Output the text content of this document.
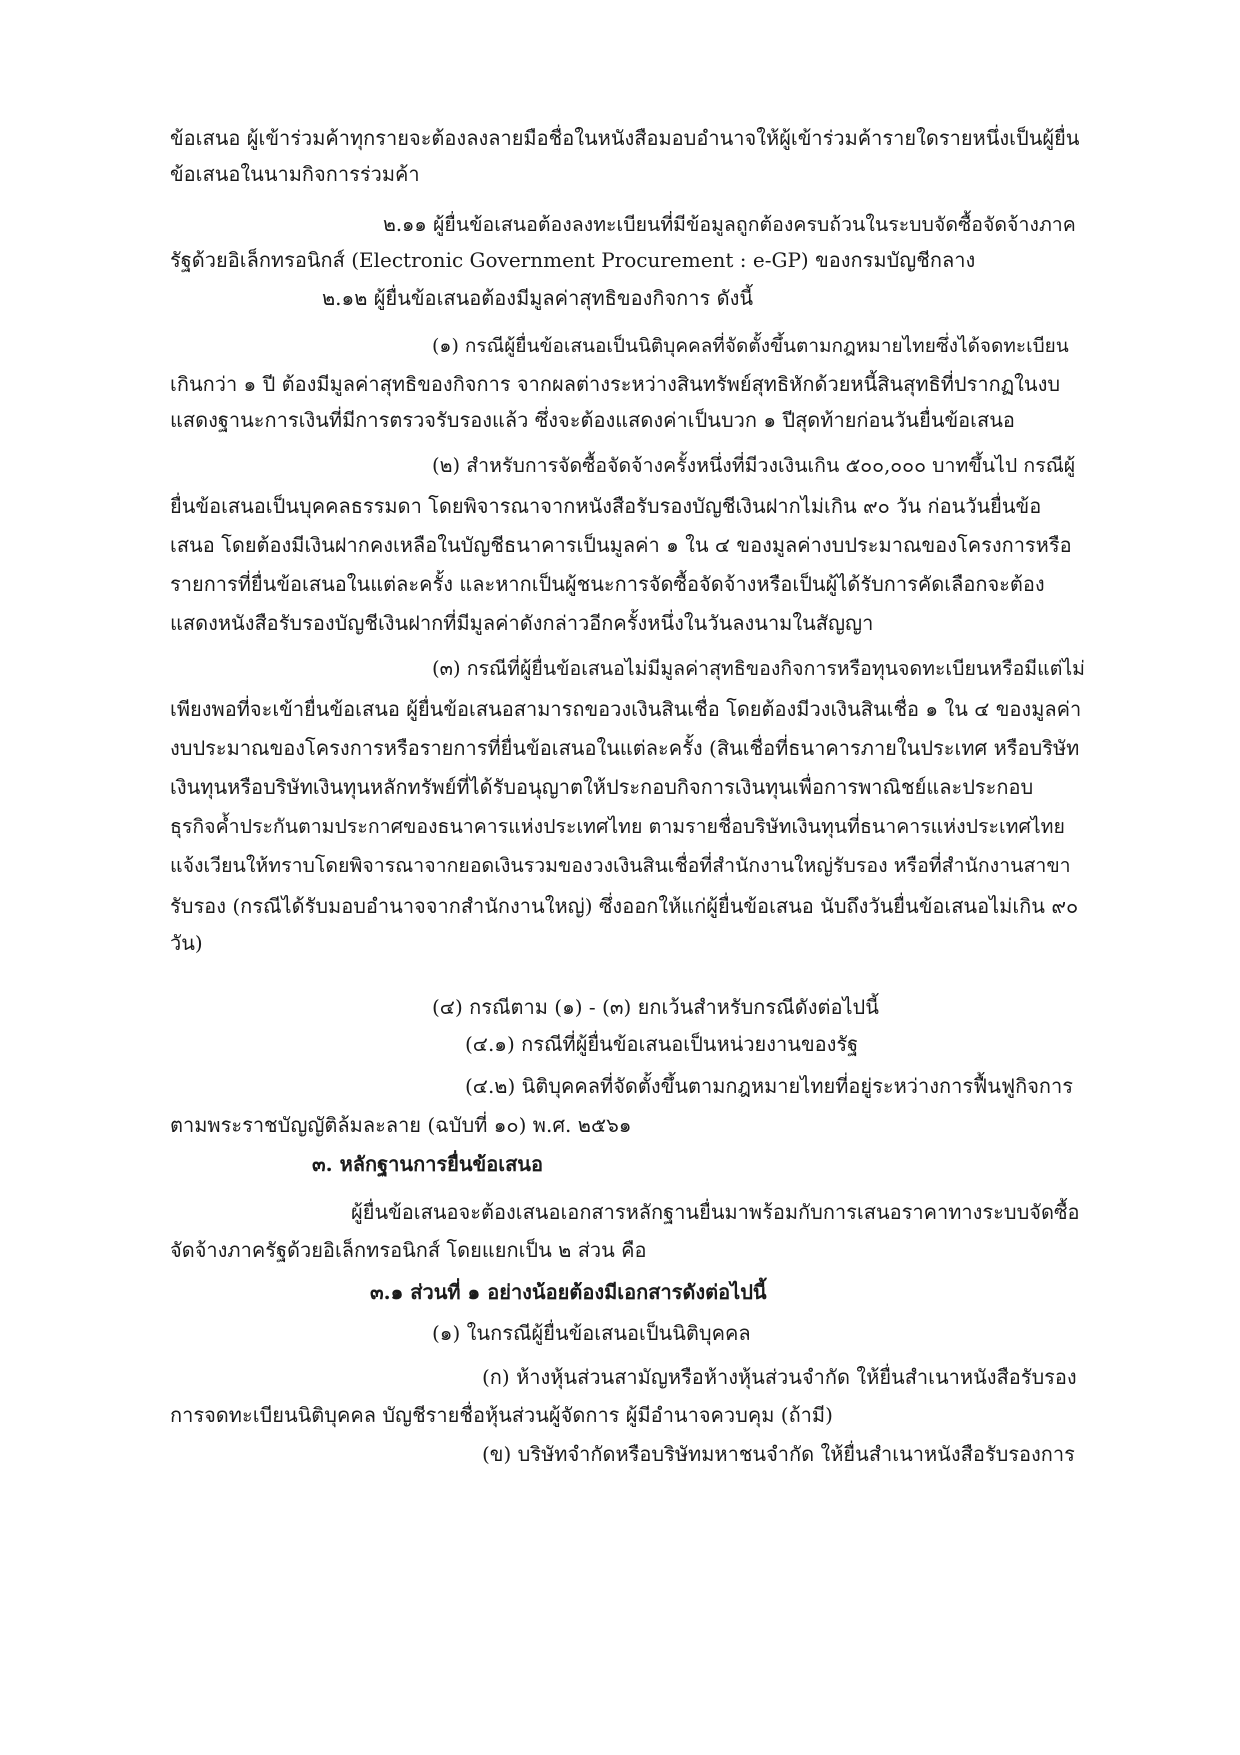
ข้อเสนอ ผู้เข้าร่วมค้าทุกรายจะต้องลงลายมือชื่อในหนังสือมอบอำนาจให้ผู้เข้าร่วมค้ารายใดรายหนึ่งเป็นผู้ยื่น
ข้อเสนอในนามกิจการร่วมค้า
๒.๑๑ ผู้ยื่นข้อเสนอต้องลงทะเบียนที่มีข้อมูลถูกต้องครบถ้วนในระบบจัดซื้อจัดจ้างภาค
รัฐด้วยอิเล็กทรอนิกส์ (Electronic Government Procurement : e-GP) ของกรมบัญชีกลาง
๒.๑๒ ผู้ยื่นข้อเสนอต้องมีมูลค่าสุทธิของกิจการ ดังนี้
(๑) กรณีผู้ยื่นข้อเสนอเป็นนิติบุคคลที่จัดตั้งขึ้นตามกฎหมายไทยซึ่งได้จดทะเบียน
เกินกว่า ๑ ปี ต้องมีมูลค่าสุทธิของกิจการ จากผลต่างระหว่างสินทรัพย์สุทธิหักด้วยหนี้สินสุทธิที่ปรากฏในงบ
แสดงฐานะการเงินที่มีการตรวจรับรองแล้ว ซึ่งจะต้องแสดงค่าเป็นบวก ๑ ปีสุดท้ายก่อนวันยื่นข้อเสนอ
(๒) สำหรับการจัดซื้อจัดจ้างครั้งหนึ่งที่มีวงเงินเกิน ๕๐๐,๐๐๐ บาทขึ้นไป กรณีผู้
ยื่นข้อเสนอเป็นบุคคลธรรมดา โดยพิจารณาจากหนังสือรับรองบัญชีเงินฝากไม่เกิน ๙๐ วัน ก่อนวันยื่นข้อ
เสนอ โดยต้องมีเงินฝากคงเหลือในบัญชีธนาคารเป็นมูลค่า ๑ ใน ๔ ของมูลค่างบประมาณของโครงการหรือ
รายการที่ยื่นข้อเสนอในแต่ละครั้ง และหากเป็นผู้ชนะการจัดซื้อจัดจ้างหรือเป็นผู้ได้รับการคัดเลือกจะต้อง
แสดงหนังสือรับรองบัญชีเงินฝากที่มีมูลค่าดังกล่าวอีกครั้งหนึ่งในวันลงนามในสัญญา
(๓) กรณีที่ผู้ยื่นข้อเสนอไม่มีมูลค่าสุทธิของกิจการหรือทุนจดทะเบียนหรือมีแต่ไม่
เพียงพอที่จะเข้ายื่นข้อเสนอ ผู้ยื่นข้อเสนอสามารถขอวงเงินสินเชื่อ โดยต้องมีวงเงินสินเชื่อ ๑ ใน ๔ ของมูลค่า
งบประมาณของโครงการหรือรายการที่ยื่นข้อเสนอในแต่ละครั้ง (สินเชื่อที่ธนาคารภายในประเทศ หรือบริษัท
เงินทุนหรือบริษัทเงินทุนหลักทรัพย์ที่ได้รับอนุญาตให้ประกอบกิจการเงินทุนเพื่อการพาณิชย์และประกอบ
ธุรกิจค้ำประกันตามประกาศของธนาคารแห่งประเทศไทย ตามรายชื่อบริษัทเงินทุนที่ธนาคารแห่งประเทศไทย
แจ้งเวียนให้ทราบโดยพิจารณาจากยอดเงินรวมของวงเงินสินเชื่อที่สำนักงานใหญ่รับรอง หรือที่สำนักงานสาขา
รับรอง (กรณีได้รับมอบอำนาจจากสำนักงานใหญ่) ซึ่งออกให้แก่ผู้ยื่นข้อเสนอ นับถึงวันยื่นข้อเสนอไม่เกิน ๙๐
วัน)
(๔) กรณีตาม (๑) - (๓) ยกเว้นสำหรับกรณีดังต่อไปนี้
(๔.๑) กรณีที่ผู้ยื่นข้อเสนอเป็นหน่วยงานของรัฐ
(๔.๒) นิติบุคคลที่จัดตั้งขึ้นตามกฎหมายไทยที่อยู่ระหว่างการฟื้นฟูกิจการ
ตามพระราชบัญญัติล้มละลาย (ฉบับที่ ๑๐) พ.ศ. ๒๕๖๑
๓. หลักฐานการยื่นข้อเสนอ
ผู้ยื่นข้อเสนอจะต้องเสนอเอกสารหลักฐานยื่นมาพร้อมกับการเสนอราคาทางระบบจัดซื้อ
จัดจ้างภาครัฐด้วยอิเล็กทรอนิกส์ โดยแยกเป็น ๒ ส่วน คือ
๓.๑ ส่วนที่ ๑ อย่างน้อยต้องมีเอกสารดังต่อไปนี้
(๑) ในกรณีผู้ยื่นข้อเสนอเป็นนิติบุคคล
(ก) ห้างหุ้นส่วนสามัญหรือห้างหุ้นส่วนจำกัด ให้ยื่นสำเนาหนังสือรับรอง
การจดทะเบียนนิติบุคคล บัญชีรายชื่อหุ้นส่วนผู้จัดการ ผู้มีอำนาจควบคุม (ถ้ามี)
(ข) บริษัทจำกัดหรือบริษัทมหาชนจำกัด ให้ยื่นสำเนาหนังสือรับรองการ
